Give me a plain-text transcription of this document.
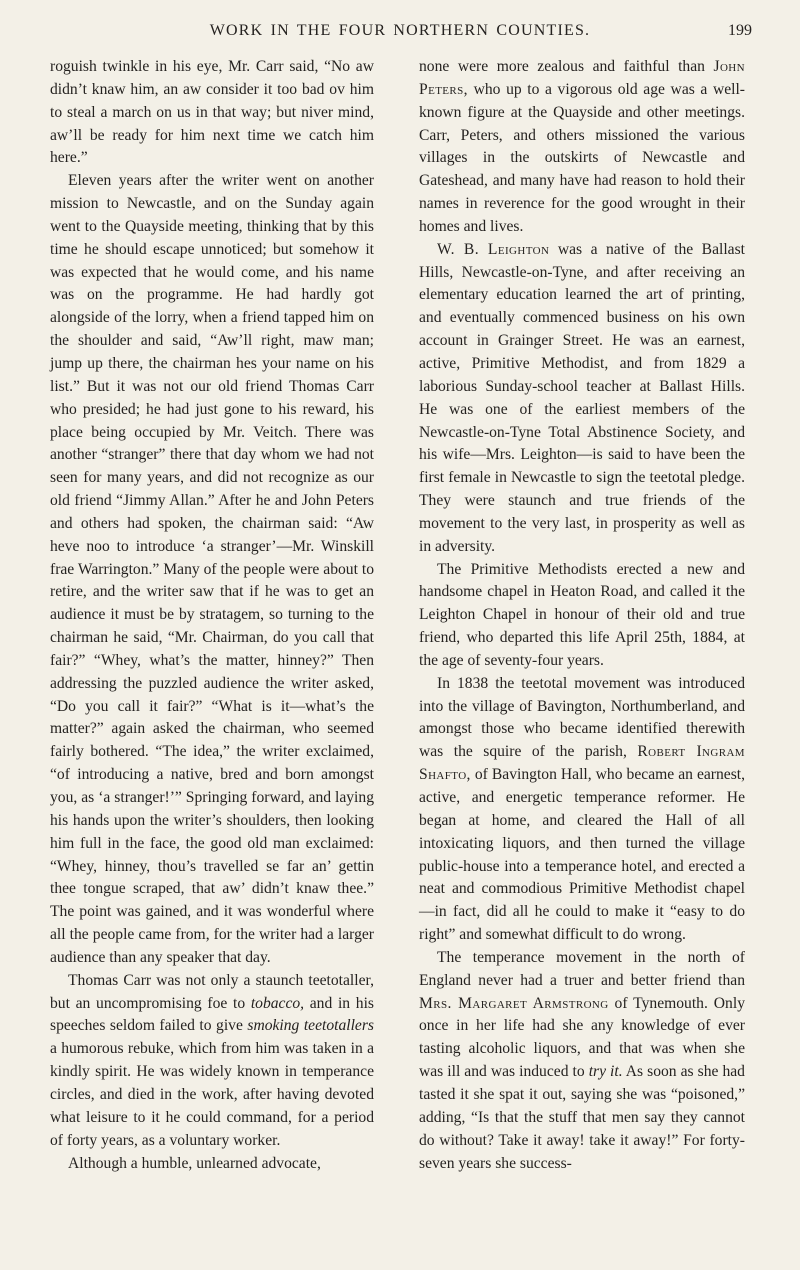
WORK IN THE FOUR NORTHERN COUNTIES.	199

roguish twinkle in his eye, Mr. Carr said, “No aw didn’t knaw him, an aw consider it too bad ov him to steal a march on us in that way; but niver mind, aw’ll be ready for him next time we catch him here.”

Eleven years after the writer went on another mission to Newcastle, and on the Sunday again went to the Quayside meeting, thinking that by this time he should escape unnoticed; but somehow it was expected that he would come, and his name was on the programme. He had hardly got alongside of the lorry, when a friend tapped him on the shoulder and said, “Aw’ll right, maw man; jump up there, the chairman hes your name on his list.” But it was not our old friend Thomas Carr who presided; he had just gone to his reward, his place being occupied by Mr. Veitch. There was another “stranger” there that day whom we had not seen for many years, and did not recognize as our old friend “Jimmy Allan.” After he and John Peters and others had spoken, the chairman said: “Aw heve noo to introduce ‘a stranger’—Mr. Winskill frae Warrington.” Many of the people were about to retire, and the writer saw that if he was to get an audience it must be by stratagem, so turning to the chairman he said, “Mr. Chairman, do you call that fair?” “Whey, what’s the matter, hinney?” Then addressing the puzzled audience the writer asked, “Do you call it fair?” “What is it—what’s the matter?” again asked the chairman, who seemed fairly bothered. “The idea,” the writer exclaimed, “of introducing a native, bred and born amongst you, as ‘a stranger!’” Springing forward, and laying his hands upon the writer’s shoulders, then looking him full in the face, the good old man exclaimed: “Whey, hinney, thou’s travelled se far an’ gettin thee tongue scraped, that aw’ didn’t knaw thee.” The point was gained, and it was wonderful where all the people came from, for the writer had a larger audience than any speaker that day.

Thomas Carr was not only a staunch teetotaller, but an uncompromising foe to tobacco, and in his speeches seldom failed to give smoking teetotallers a humorous rebuke, which from him was taken in a kindly spirit. He was widely known in temperance circles, and died in the work, after having devoted what leisure to it he could command, for a period of forty years, as a voluntary worker.

Although a humble, unlearned advocate,

none were more zealous and faithful than John Peters, who up to a vigorous old age was a well-known figure at the Quayside and other meetings. Carr, Peters, and others missioned the various villages in the outskirts of Newcastle and Gateshead, and many have had reason to hold their names in reverence for the good wrought in their homes and lives.

W. B. Leighton was a native of the Ballast Hills, Newcastle-on-Tyne, and after receiving an elementary education learned the art of printing, and eventually commenced business on his own account in Grainger Street. He was an earnest, active, Primitive Methodist, and from 1829 a laborious Sunday-school teacher at Ballast Hills. He was one of the earliest members of the Newcastle-on-Tyne Total Abstinence Society, and his wife—Mrs. Leighton—is said to have been the first female in Newcastle to sign the teetotal pledge. They were staunch and true friends of the movement to the very last, in prosperity as well as in adversity.

The Primitive Methodists erected a new and handsome chapel in Heaton Road, and called it the Leighton Chapel in honour of their old and true friend, who departed this life April 25th, 1884, at the age of seventy-four years.

In 1838 the teetotal movement was introduced into the village of Bavington, Northumberland, and amongst those who became identified therewith was the squire of the parish, Robert Ingram Shafto, of Bavington Hall, who became an earnest, active, and energetic temperance reformer. He began at home, and cleared the Hall of all intoxicating liquors, and then turned the village public-house into a temperance hotel, and erected a neat and commodious Primitive Methodist chapel—in fact, did all he could to make it “easy to do right” and somewhat difficult to do wrong.

The temperance movement in the north of England never had a truer and better friend than Mrs. Margaret Armstrong of Tynemouth. Only once in her life had she any knowledge of ever tasting alcoholic liquors, and that was when she was ill and was induced to try it. As soon as she had tasted it she spat it out, saying she was “poisoned,” adding, “Is that the stuff that men say they cannot do without? Take it away! take it away!” For forty-seven years she success-
